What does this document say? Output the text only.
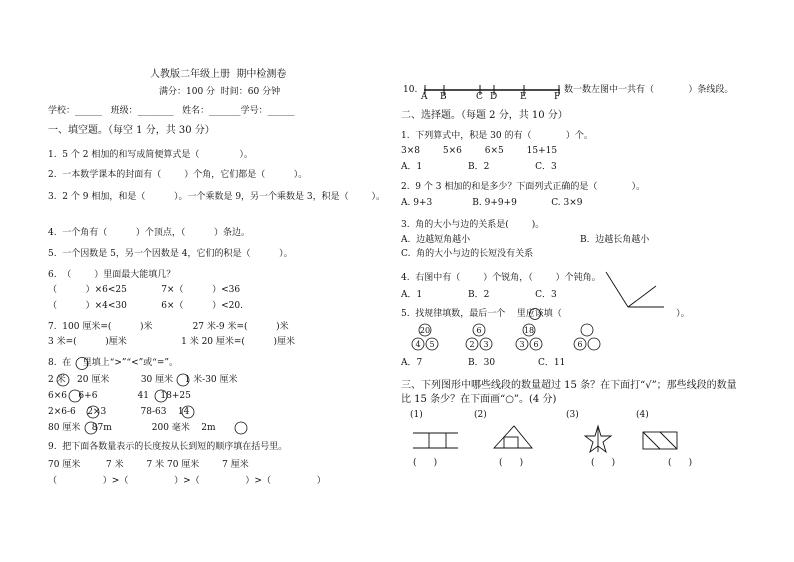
人教版二年级上册  期中检测卷
满分：100 分  时间：60 分钟
学校：______   班级：________   姓名：_______学号：______
一、填空题。（每空 1 分，共 30 分）
1.  5 个 2 相加的和写成简便算式是（              ）。
2.  一本数学课本的封面有（        ）个角，它们都是（          ）。
3.  2 个 9 相加，和是（          ）。一个乘数是 9，另一个乘数是 3，积是（        ）。
4.  一个角有（          ）个顶点，（          ）条边。
5.  一个因数是 5，另一个因数是 4，它们的积是（          ）。
6.  （        ）里面最大能填几？
（          ）×6<25            7×（          ）<36
（          ）×4<30            6×（          ）<20.
7.  100 厘米=(          )米              27 米-9 米=(          )米
3 米=(          )厘米                   1 米 20 厘米=(          )厘米
8.  在    里填上“>”“<”或“=”。
2 米    20 厘米           30 厘米    1 米-30 厘米
6×6    6+6              41    18+25
2×6-6    2×3            78-63    14
80 厘米    87m              200 毫米    2m
9.  把下面各数量表示的长度按从长到短的顺序填在括号里。
70 厘米         7 米        7 米 70 厘米        7 厘米
（                ）>（                ）>（                ）>（                ）
10.
A B	C D	E	F
数一数左图中一共有（            ）条线段。
二、选择题。（每题 2 分，共 10 分）
1.  下列算式中，积是 30 的有（            ）个。
3×8        5×6        6×5        15+15
A．1                B．2                C．3
2.  9 个 3 相加的和是多少？下面列式正确的是（            ）。
A. 9+3              B. 9+9+9            C. 3×9
3.  角的大小与边的关系是(        )。
A.  边越短角越小	B.  边越长角越小
C.  角的大小与边的长短没有关系
4.  右图中有（        ）个锐角，（        ）个钝角。
A．1                B．2                C．3
5.  找规律填数，最后一个    里应该填（                                        ）。
20
4 5
6
2 3
18
3 6	6
A．7                B．30               C．11
三、下列图形中哪些线段的数量超过 15 条？在下面打“√”；那些线段的数量
比 15 条少？在下面画“○”。(4 分)
(1)	(2)	(3)	(4)
(      )	(      )	(      )	(      )
